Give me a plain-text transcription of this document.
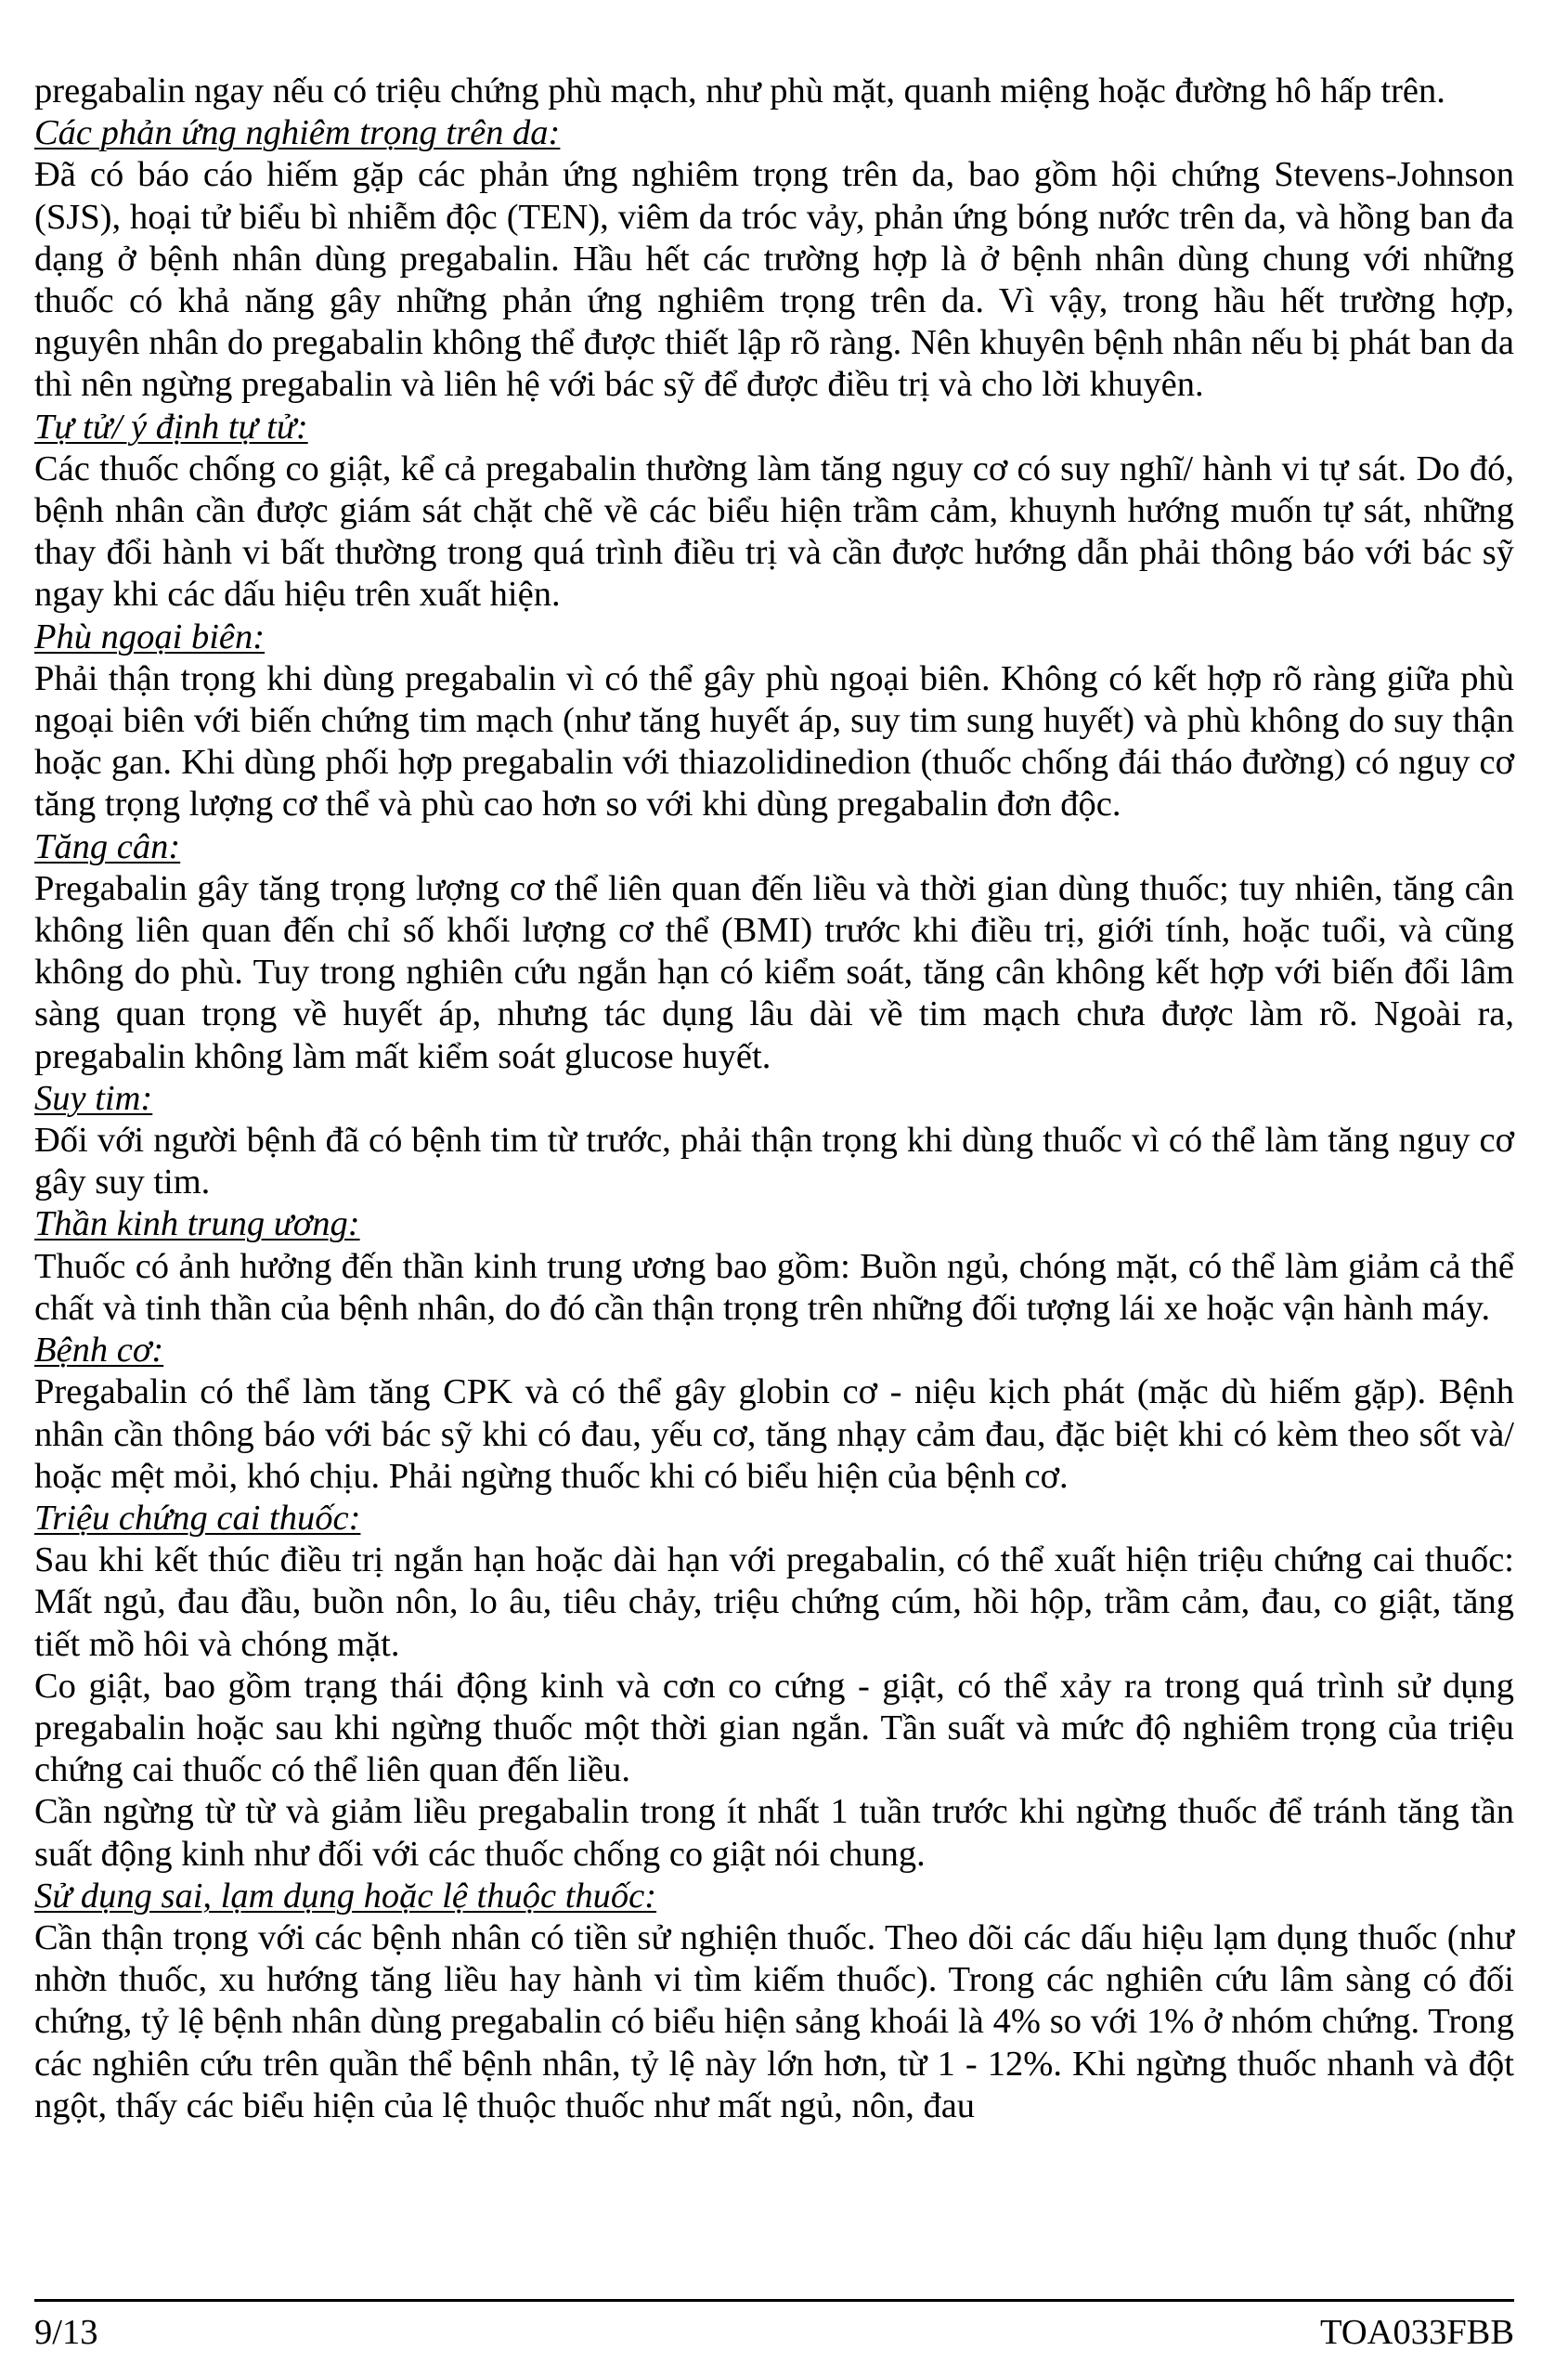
pregabalin ngay nếu có triệu chứng phù mạch, như phù mặt, quanh miệng hoặc đường hô hấp trên.

Các phản ứng nghiêm trọng trên da:

Đã có báo cáo hiếm gặp các phản ứng nghiêm trọng trên da, bao gồm hội chứng Stevens-Johnson (SJS), hoại tử biểu bì nhiễm độc (TEN), viêm da tróc vảy, phản ứng bóng nước trên da, và hồng ban đa dạng ở bệnh nhân dùng pregabalin. Hầu hết các trường hợp là ở bệnh nhân dùng chung với những thuốc có khả năng gây những phản ứng nghiêm trọng trên da. Vì vậy, trong hầu hết trường hợp, nguyên nhân do pregabalin không thể được thiết lập rõ ràng. Nên khuyên bệnh nhân nếu bị phát ban da thì nên ngừng pregabalin và liên hệ với bác sỹ để được điều trị và cho lời khuyên.

Tự tử/ ý định tự tử:

Các thuốc chống co giật, kể cả pregabalin thường làm tăng nguy cơ có suy nghĩ/ hành vi tự sát. Do đó, bệnh nhân cần được giám sát chặt chẽ về các biểu hiện trầm cảm, khuynh hướng muốn tự sát, những thay đổi hành vi bất thường trong quá trình điều trị và cần được hướng dẫn phải thông báo với bác sỹ ngay khi các dấu hiệu trên xuất hiện.

Phù ngoại biên:

Phải thận trọng khi dùng pregabalin vì có thể gây phù ngoại biên. Không có kết hợp rõ ràng giữa phù ngoại biên với biến chứng tim mạch (như tăng huyết áp, suy tim sung huyết) và phù không do suy thận hoặc gan. Khi dùng phối hợp pregabalin với thiazolidinedion (thuốc chống đái tháo đường) có nguy cơ tăng trọng lượng cơ thể và phù cao hơn so với khi dùng pregabalin đơn độc.

Tăng cân:

Pregabalin gây tăng trọng lượng cơ thể liên quan đến liều và thời gian dùng thuốc; tuy nhiên, tăng cân không liên quan đến chỉ số khối lượng cơ thể (BMI) trước khi điều trị, giới tính, hoặc tuổi, và cũng không do phù. Tuy trong nghiên cứu ngắn hạn có kiểm soát, tăng cân không kết hợp với biến đổi lâm sàng quan trọng về huyết áp, nhưng tác dụng lâu dài về tim mạch chưa được làm rõ. Ngoài ra, pregabalin không làm mất kiểm soát glucose huyết.

Suy tim:

Đối với người bệnh đã có bệnh tim từ trước, phải thận trọng khi dùng thuốc vì có thể làm tăng nguy cơ gây suy tim.

Thần kinh trung ương:

Thuốc có ảnh hưởng đến thần kinh trung ương bao gồm: Buồn ngủ, chóng mặt, có thể làm giảm cả thể chất và tinh thần của bệnh nhân, do đó cần thận trọng trên những đối tượng lái xe hoặc vận hành máy.

Bệnh cơ:

Pregabalin có thể làm tăng CPK và có thể gây globin cơ - niệu kịch phát (mặc dù hiếm gặp). Bệnh nhân cần thông báo với bác sỹ khi có đau, yếu cơ, tăng nhạy cảm đau, đặc biệt khi có kèm theo sốt và/ hoặc mệt mỏi, khó chịu. Phải ngừng thuốc khi có biểu hiện của bệnh cơ.

Triệu chứng cai thuốc:

Sau khi kết thúc điều trị ngắn hạn hoặc dài hạn với pregabalin, có thể xuất hiện triệu chứng cai thuốc: Mất ngủ, đau đầu, buồn nôn, lo âu, tiêu chảy, triệu chứng cúm, hồi hộp, trầm cảm, đau, co giật, tăng tiết mồ hôi và chóng mặt.

Co giật, bao gồm trạng thái động kinh và cơn co cứng - giật, có thể xảy ra trong quá trình sử dụng pregabalin hoặc sau khi ngừng thuốc một thời gian ngắn. Tần suất và mức độ nghiêm trọng của triệu chứng cai thuốc có thể liên quan đến liều.

Cần ngừng từ từ và giảm liều pregabalin trong ít nhất 1 tuần trước khi ngừng thuốc để tránh tăng tần suất động kinh như đối với các thuốc chống co giật nói chung.

Sử dụng sai, lạm dụng hoặc lệ thuộc thuốc:

Cần thận trọng với các bệnh nhân có tiền sử nghiện thuốc. Theo dõi các dấu hiệu lạm dụng thuốc (như nhờn thuốc, xu hướng tăng liều hay hành vi tìm kiếm thuốc). Trong các nghiên cứu lâm sàng có đối chứng, tỷ lệ bệnh nhân dùng pregabalin có biểu hiện sảng khoái là 4% so với 1% ở nhóm chứng. Trong các nghiên cứu trên quần thể bệnh nhân, tỷ lệ này lớn hơn, từ 1 - 12%. Khi ngừng thuốc nhanh và đột ngột, thấy các biểu hiện của lệ thuộc thuốc như mất ngủ, nôn, đau

9/13	TOA033FBB
